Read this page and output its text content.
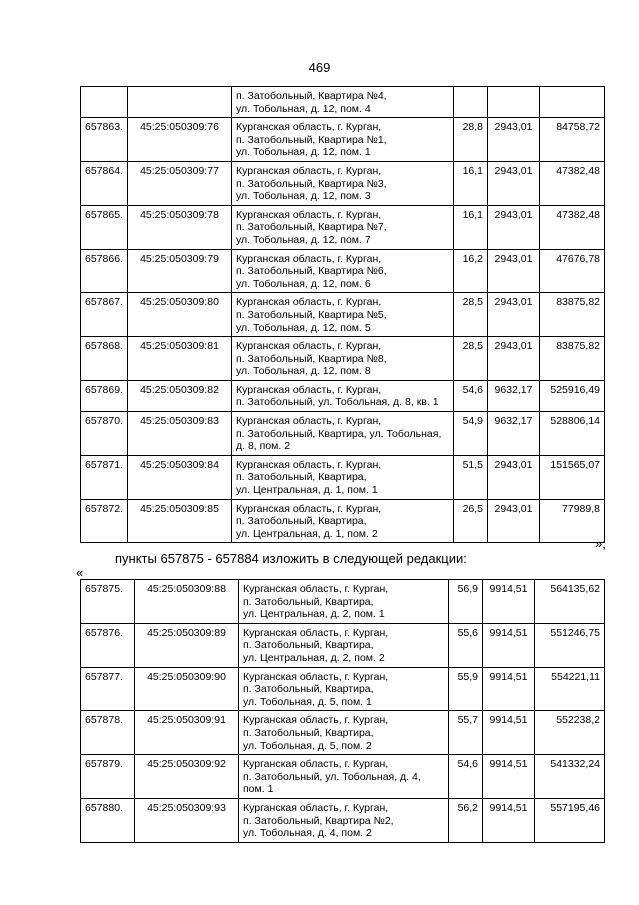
469

		п. Затобольный, Квартира №4,
ул. Тобольная, д. 12, пом. 4			

657863.	45:25:050309:76	Курганская область, г. Курган,
п. Затобольный, Квартира №1,
ул. Тобольная, д. 12, пом. 1	28,8	2943,01	84758,72
657864.	45:25:050309:77	Курганская область, г. Курган,
п. Затобольный, Квартира №3,
ул. Тобольная, д. 12, пом. 3	16,1	2943,01	47382,48
657865.	45:25:050309:78	Курганская область, г. Курган,
п. Затобольный, Квартира №7,
ул. Тобольная, д. 12, пом. 7	16,1	2943,01	47382,48
657866.	45:25:050309:79	Курганская область, г. Курган,
п. Затобольный, Квартира №6,
ул. Тобольная, д. 12, пом. 6	16,2	2943,01	47676,78
657867.	45:25:050309:80	Курганская область, г. Курган,
п. Затобольный, Квартира №5,
ул. Тобольная, д. 12, пом. 5	28,5	2943,01	83875,82
657868.	45:25:050309:81	Курганская область, г. Курган,
п. Затобольный, Квартира №8,
ул. Тобольная, д. 12, пом. 8	28,5	2943,01	83875,82
657869.	45:25:050309:82	Курганская область, г. Курган,
п. Затобольный, ул. Тобольная, д. 8, кв. 1	54,6	9632,17	525916,49
657870.	45:25:050309:83	Курганская область, г. Курган,
п. Затобольный, Квартира, ул. Тобольная,
д. 8, пом. 2	54,9	9632,17	528806,14
657871.	45:25:050309:84	Курганская область, г. Курган,
п. Затобольный, Квартира,
ул. Центральная, д. 1, пом. 1	51,5	2943,01	151565,07
657872.	45:25:050309:85	Курганская область, г. Курган,
п. Затобольный, Квартира,
ул. Центральная, д. 1, пом. 2	26,5	2943,01	77989,8
»;
пункты 657875 - 657884 изложить в следующей редакции:
«
657875.	45:25:050309:88	Курганская область, г. Курган,
п. Затобольный, Квартира,
ул. Центральная, д. 2, пом. 1	56,9	9914,51	564135,62
657876.	45:25:050309:89	Курганская область, г. Курган,
п. Затобольный, Квартира,
ул. Центральная, д. 2, пом. 2	55,6	9914,51	551246,75
657877.	45:25:050309:90	Курганская область, г. Курган,
п. Затобольный, Квартира,
ул. Тобольная, д. 5, пом. 1	55,9	9914,51	554221,11
657878.	45:25:050309:91	Курганская область, г. Курган,
п. Затобольный, Квартира,
ул. Тобольная, д. 5, пом. 2	55,7	9914,51	552238,2
657879.	45:25:050309:92	Курганская область, г. Курган,
п. Затобольный, ул. Тобольная, д. 4,
пом. 1	54,6	9914,51	541332,24
657880.	45:25:050309:93	Курганская область, г. Курган,
п. Затобольный, Квартира №2,
ул. Тобольная, д. 4, пом. 2	56,2	9914,51	557195,46
